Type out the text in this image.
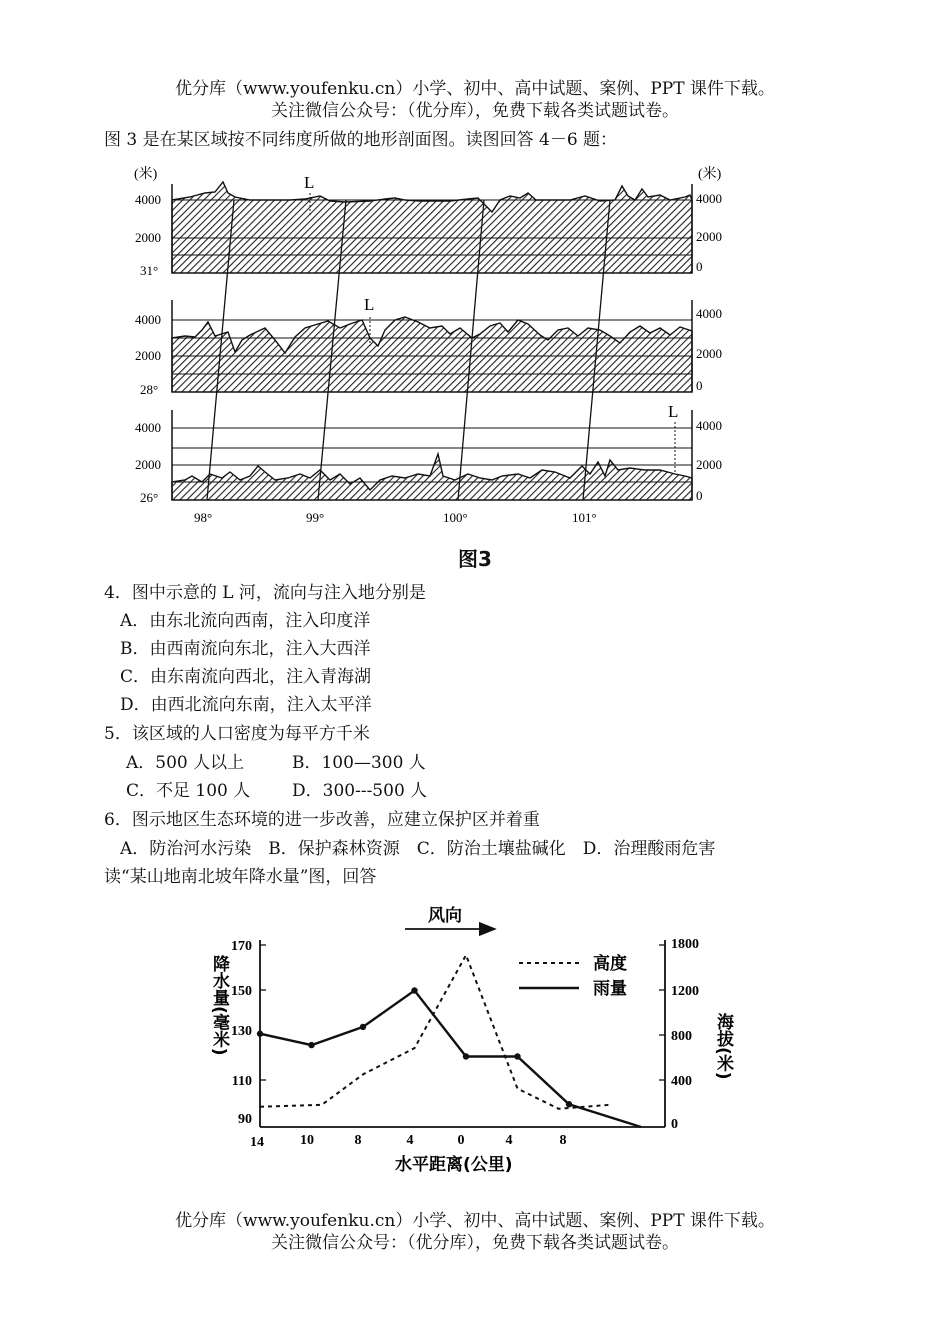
优分库（www.youfenku.cn）小学、初中、高中试题、案例、PPT 课件下载。
关注微信公众号：（优分库），免费下载各类试题试卷。
图 3 是在某区域按不同纬度所做的地形剖面图。读图回答 4－6 题：
(米)	(米)
L
4000
2000
31°
4000
2000
0
L
4000
2000
28°
4000
2000
0
L
4000
2000
26°
4000
2000
0
98°	99°	100°	101°
图3
4．图中示意的 L 河，流向与注入地分别是
A．由东北流向西南，注入印度洋
B．由西南流向东北，注入大西洋
C．由东南流向西北，注入青海湖
D．由西北流向东南，注入太平洋
5．该区域的人口密度为每平方千米
A．500 人以上	B．100—300 人
C．不足 100 人 D．300---500 人
6．图示地区生态环境的进一步改善，应建立保护区并着重
A．防治河水污染　B．保护森林资源　C．防治土壤盐碱化　D．治理酸雨危害
读“某山地南北坡年降水量”图，回答
风向
170
150
130
110
90
1800
1200
800
400
0
14	10	8	4	0	4	8
水平距离(公里)
降水量(毫米)	海拔(米)
高度
雨量
优分库（www.youfenku.cn）小学、初中、高中试题、案例、PPT 课件下载。
关注微信公众号：（优分库），免费下载各类试题试卷。
